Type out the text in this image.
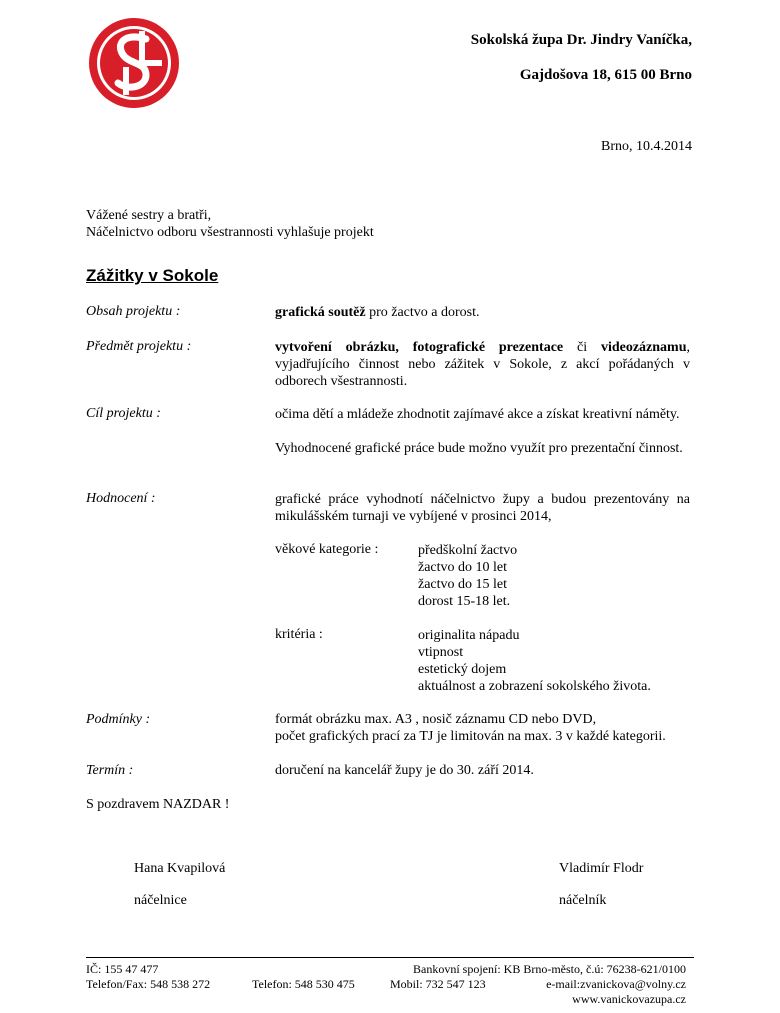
Sokolská župa Dr. Jindry Vaníčka,
Gajdošova 18, 615 00 Brno
Brno, 10.4.2014
Vážené sestry a bratři,
Náčelnictvo odboru všestrannosti vyhlašuje projekt
Zážitky v Sokole
Obsah projektu :	grafická soutěž pro žactvo a dorost.
Předmět projektu :	vytvoření obrázku, fotografické prezentace či videozáznamu, vyjadřujícího činnost nebo zážitek v Sokole, z akcí pořádaných v odborech všestrannosti.
Cíl projektu :	očima dětí a mládeže zhodnotit zajímavé akce a získat kreativní náměty.
Vyhodnocené grafické práce bude možno využít pro prezentační činnost.
Hodnocení :	grafické práce vyhodnotí náčelnictvo župy a budou prezentovány na mikulášském turnaji ve vybíjené v prosinci 2014,
věkové kategorie :	předškolní žactvo
žactvo do 10 let
žactvo do 15 let
dorost 15-18 let.
kritéria :	originalita nápadu
vtipnost
estetický dojem
aktuálnost a zobrazení sokolského života.
Podmínky :	formát obrázku max. A3 , nosič záznamu CD nebo DVD,
počet grafických prací za TJ je limitován na max. 3 v každé kategorii.
Termín :	doručení na kancelář župy je do 30. září 2014.
S pozdravem NAZDAR !
Hana Kvapilová
náčelnice
Vladimír Flodr
náčelník
IČ: 155 47 477	Bankovní spojení: KB Brno-město, č.ú: 76238-621/0100
Telefon/Fax: 548 538 272	Telefon: 548 530 475	Mobil: 732 547 123	e-mail:zvanickova@volny.cz
www.vanickovazupa.cz
